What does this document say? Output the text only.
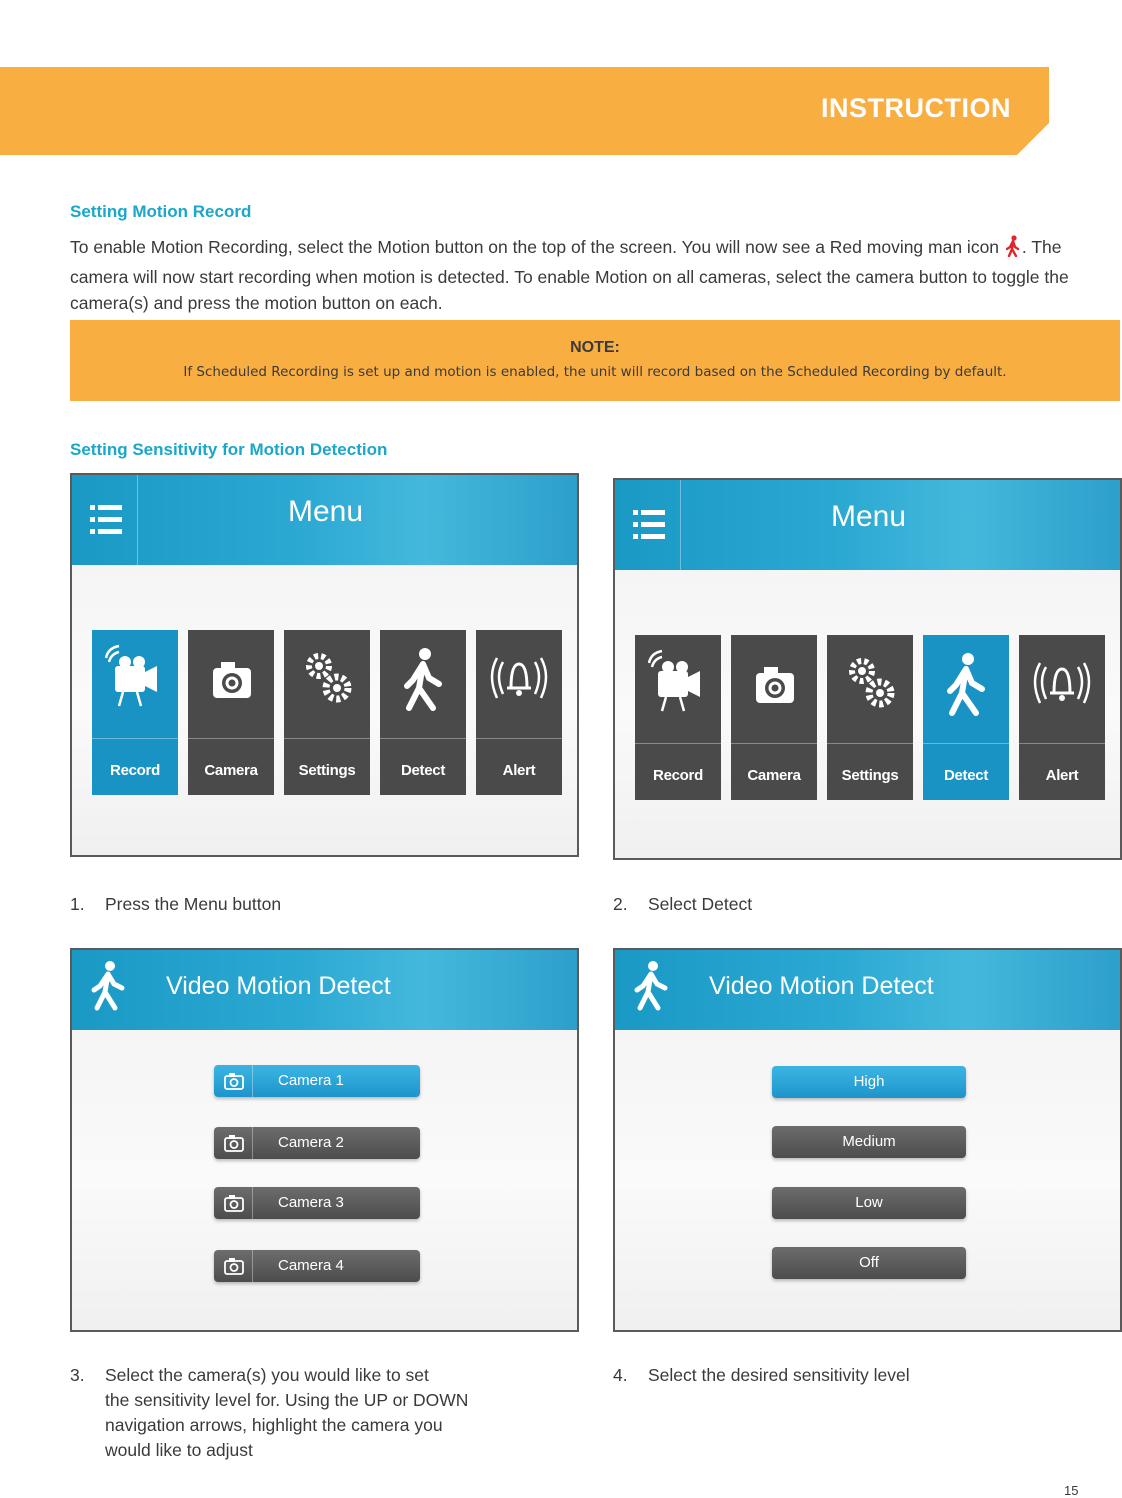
INSTRUCTION
Setting Motion Record
To enable Motion Recording, select the Motion button on the top of the screen. You will now see a Red moving man icon . The camera will now start recording when motion is detected. To enable Motion on all cameras, select the camera button to toggle the camera(s) and press the motion button on each.
NOTE:
If Scheduled Recording is set up and motion is enabled, the unit will record based on the Scheduled Recording by default.
Setting Sensitivity for Motion Detection
Menu
Record	Camera	Settings	Detect	Alert
Menu
Record	Camera	Settings	Detect	Alert
1. Press the Menu button	2. Select Detect
Video Motion Detect
Camera 1
Camera 2
Camera 3
Camera 4
Video Motion Detect
High
Medium
Low
Off
3. Select the camera(s) you would like to set
the sensitivity level for. Using the UP or DOWN
navigation arrows, highlight the camera you
would like to adjust
4. Select the desired sensitivity level
15
